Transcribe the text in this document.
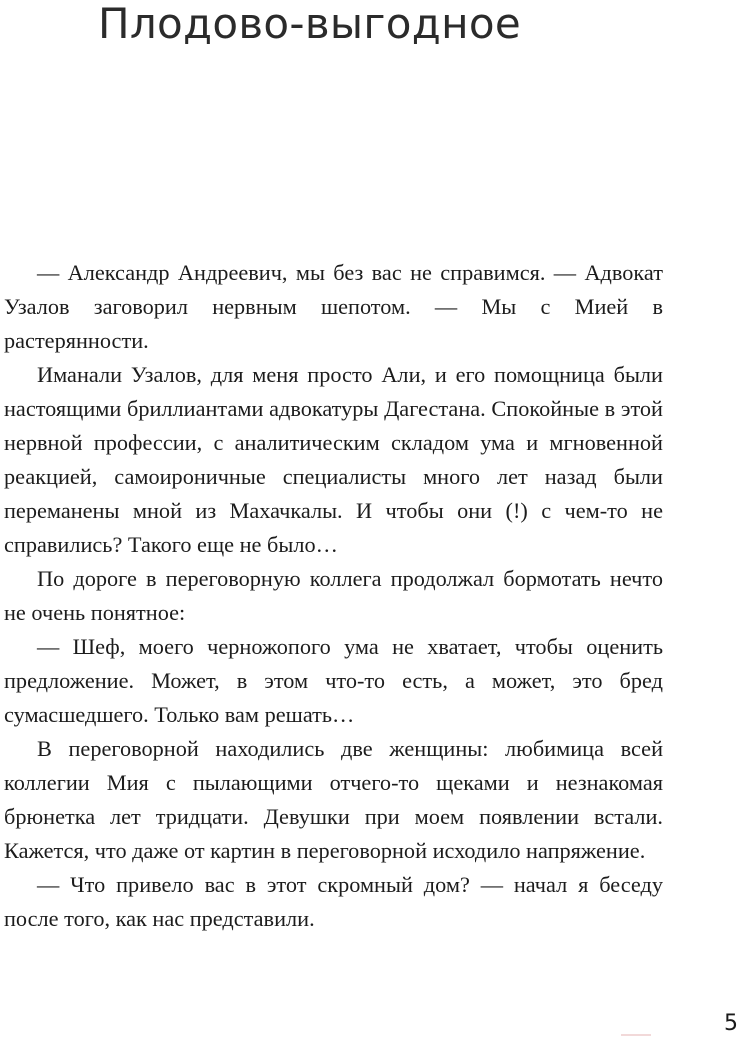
Плодово-выгодное

— Александр Андреевич, мы без вас не справимся. — Адвокат Узалов заговорил нервным шепотом. — Мы с Мией в растерянности.

Иманали Узалов, для меня просто Али, и его помощница были настоящими бриллиантами адвокатуры Дагестана. Спокойные в этой нервной профессии, с аналитическим складом ума и мгновенной реакцией, самоироничные специалисты много лет назад были переманены мной из Махачкалы. И чтобы они (!) с чем-то не справились? Такого еще не было…

По дороге в переговорную коллега продолжал бормотать нечто не очень понятное:

— Шеф, моего черножопого ума не хватает, чтобы оценить предложение. Может, в этом что-то есть, а может, это бред сумасшедшего. Только вам решать…

В переговорной находились две женщины: любимица всей коллегии Мия с пылающими отчего-то щеками и незнакомая брюнетка лет тридцати. Девушки при моем появлении встали. Кажется, что даже от картин в переговорной исходило напряжение.

— Что привело вас в этот скромный дом? — начал я беседу после того, как нас представили.

5
